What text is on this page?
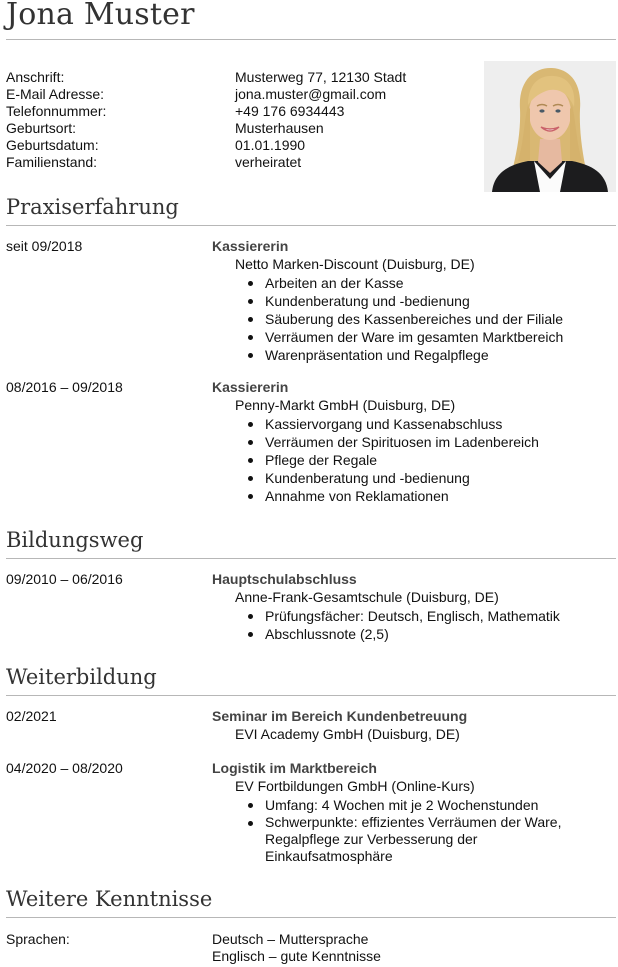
Jona Muster
Anschrift:	Musterweg 77, 12130 Stadt
E-Mail Adresse:	jona.muster@gmail.com
Telefonnummer:	+49 176 6934443
Geburtsort:	Musterhausen
Geburtsdatum:	01.01.1990
Familienstand:	verheiratet
Praxiserfahrung
seit 09/2018	Kassiererin
Netto Marken-Discount (Duisburg, DE)
Arbeiten an der Kasse
Kundenberatung und -bedienung
Säuberung des Kassenbereiches und der Filiale
Verräumen der Ware im gesamten Marktbereich
Warenpräsentation und Regalpflege
08/2016 – 09/2018	Kassiererin
Penny-Markt GmbH (Duisburg, DE)
Kassiervorgang und Kassenabschluss
Verräumen der Spirituosen im Ladenbereich
Pflege der Regale
Kundenberatung und -bedienung
Annahme von Reklamationen
Bildungsweg
09/2010 – 06/2016	Hauptschulabschluss
Anne-Frank-Gesamtschule (Duisburg, DE)
Prüfungsfächer: Deutsch, Englisch, Mathematik
Abschlussnote (2,5)
Weiterbildung
02/2021	Seminar im Bereich Kundenbetreuung
EVI Academy GmbH (Duisburg, DE)
04/2020 – 08/2020	Logistik im Marktbereich
EV Fortbildungen GmbH (Online-Kurs)
Umfang: 4 Wochen mit je 2 Wochenstunden
Schwerpunkte: effizientes Verräumen der Ware, Regalpflege zur Verbesserung der Einkaufsatmosphäre
Weitere Kenntnisse
Sprachen:	Deutsch – Muttersprache
Englisch – gute Kenntnisse
